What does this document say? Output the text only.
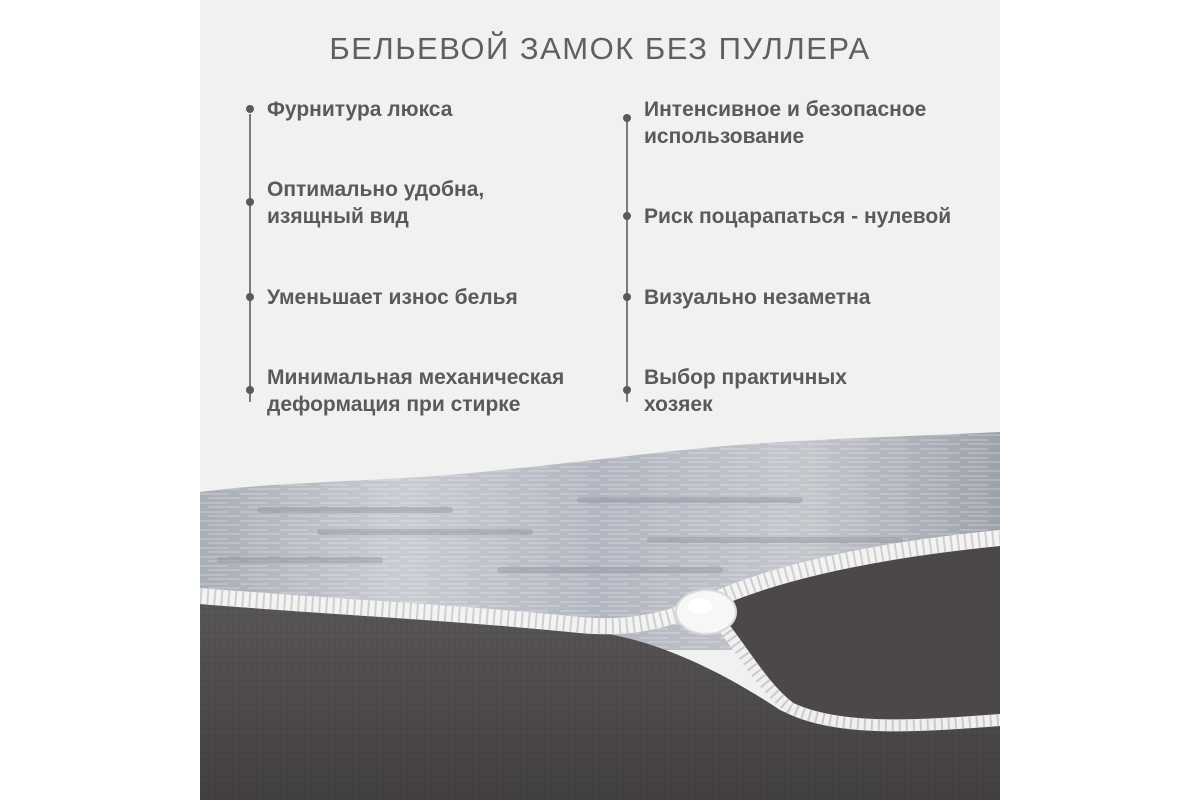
БЕЛЬЕВОЙ ЗАМОК БЕЗ ПУЛЛЕРА
Фурнитура люкса
Оптимально удобна,
изящный вид
Уменьшает износ белья
Минимальная механическая
деформация при стирке
Интенсивное и безопасное
использование
Риск поцарапаться - нулевой
Визуально незаметна
Выбор практичных
хозяек
